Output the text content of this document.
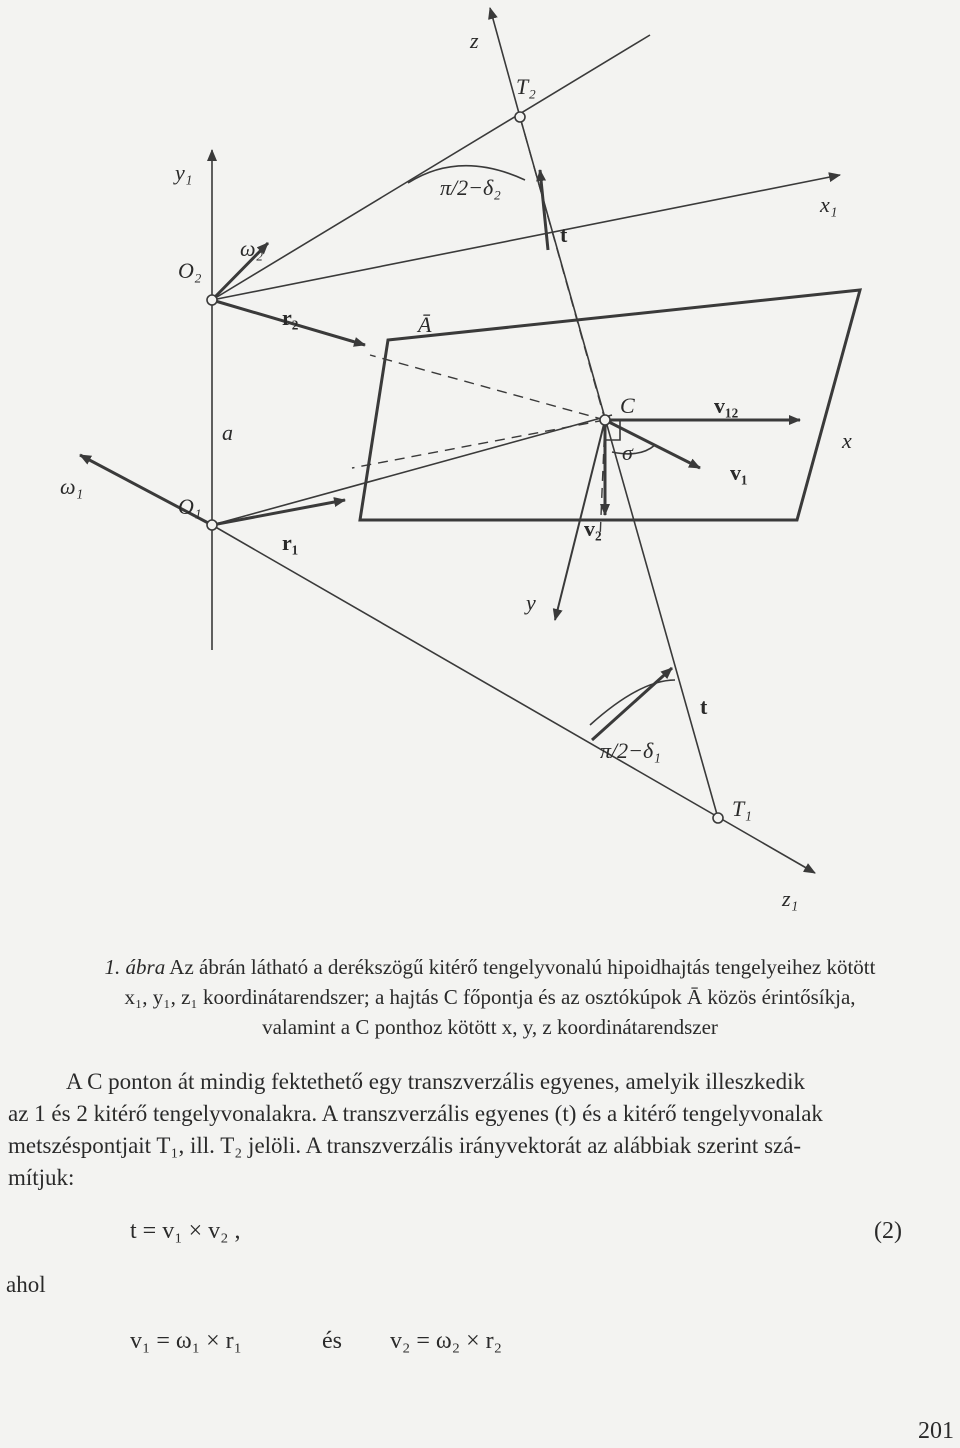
z
T₂
y₁
π/2−δ₂
x₁
t
ω₂
O₂
r₂	Ā
C	v₁₂
x
a
σ
v₁
ω₁
O₁
v₂
r₁
y
t
π/2−δ₁
T₁
z₁
1. ábra Az ábrán látható a derékszögű kitérő tengelyvonalú hipoidhajtás tengelyeihez kötött
x₁, y₁, z₁ koordinátarendszer; a hajtás C főpontja és az osztókúpok Ā közös érintősíkja,
valamint a C ponthoz kötött x, y, z koordinátarendszer
A C ponton át mindig fektethető egy transzverzális egyenes, amelyik illeszkedik
az 1 és 2 kitérő tengelyvonalakra. A transzverzális egyenes (t) és a kitérő tengelyvonalak
metszéspontjait T₁, ill. T₂ jelöli. A transzverzális irányvektorát az alábbiak szerint szá-
mítjuk:
t = v₁ × v₂ ,	(2)
ahol
v₁ = ω₁ × r₁	és v₂ = ω₂ × r₂
201
